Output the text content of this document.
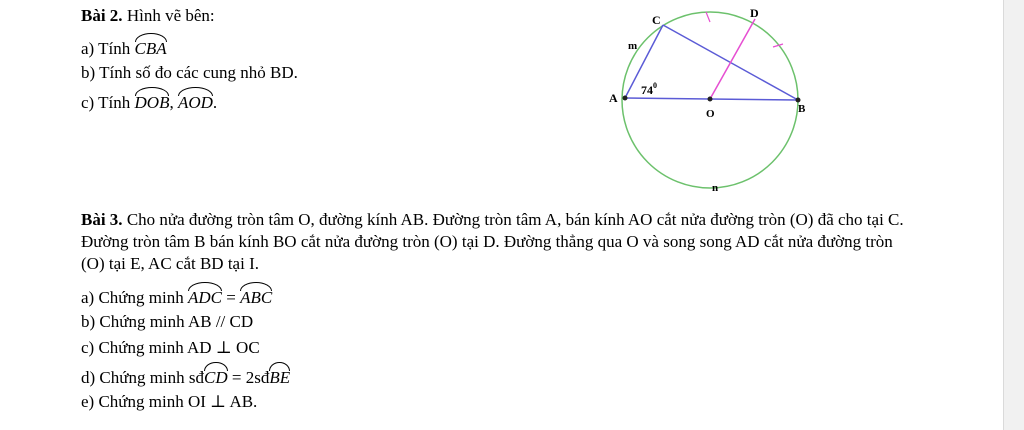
Bài 2. Hình vẽ bên:
a) Tính CBA
b) Tính số đo các cung nhỏ BD.
c) Tính DOB, AOD.
C	D
m
A
$74^0$
O	B
n
Bài 3. Cho nửa đường tròn tâm O, đường kính AB. Đường tròn tâm A, bán kính AO cắt nửa đường tròn (O) đã cho tại C. Đường tròn tâm B bán kính BO cắt nửa đường tròn (O) tại D. Đường thẳng qua O và song song AD cắt nửa đường tròn (O) tại E, AC cắt BD tại I.
a) Chứng minh ADC = ABC
b) Chứng minh AB // CD
c) Chứng minh AD ⊥ OC
d) Chứng minh sđCD = 2sđBE
e) Chứng minh OI ⊥ AB.
